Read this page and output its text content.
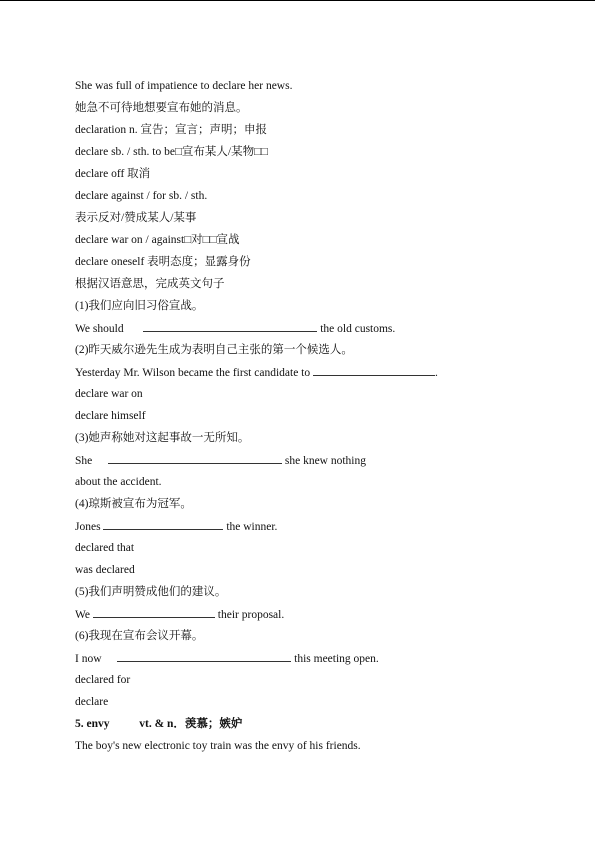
She was full of impatience to declare her news.
她急不可待地想要宣布她的消息。
declaration n. 宣告；宣言；声明；申报
declare sb. / sth. to be□宣布某人/某物□□
declare off 取消
declare against / for sb. / sth.
表示反对/赞成某人/某事
declare war on / against□对□□宣战
declare oneself 表明态度；显露身份
根据汉语意思，完成英文句子
(1)我们应向旧习俗宣战。
We should	the old customs.
(2)昨天威尔逊先生成为表明自己主张的第一个候选人。
Yesterday Mr. Wilson became the first candidate to	.
declare war on
declare himself
(3)她声称她对这起事故一无所知。
She	she knew nothing
about the accident.
(4)琼斯被宣布为冠军。
Jones	the winner.
declared that
was declared
(5)我们声明赞成他们的建议。
We	their proposal.
(6)我现在宣布会议开幕。
I now	this meeting open.
declared for
declare
5. envy	vt. & n．羡慕；嫉妒
The boy's new electronic toy train was the envy of his friends.
